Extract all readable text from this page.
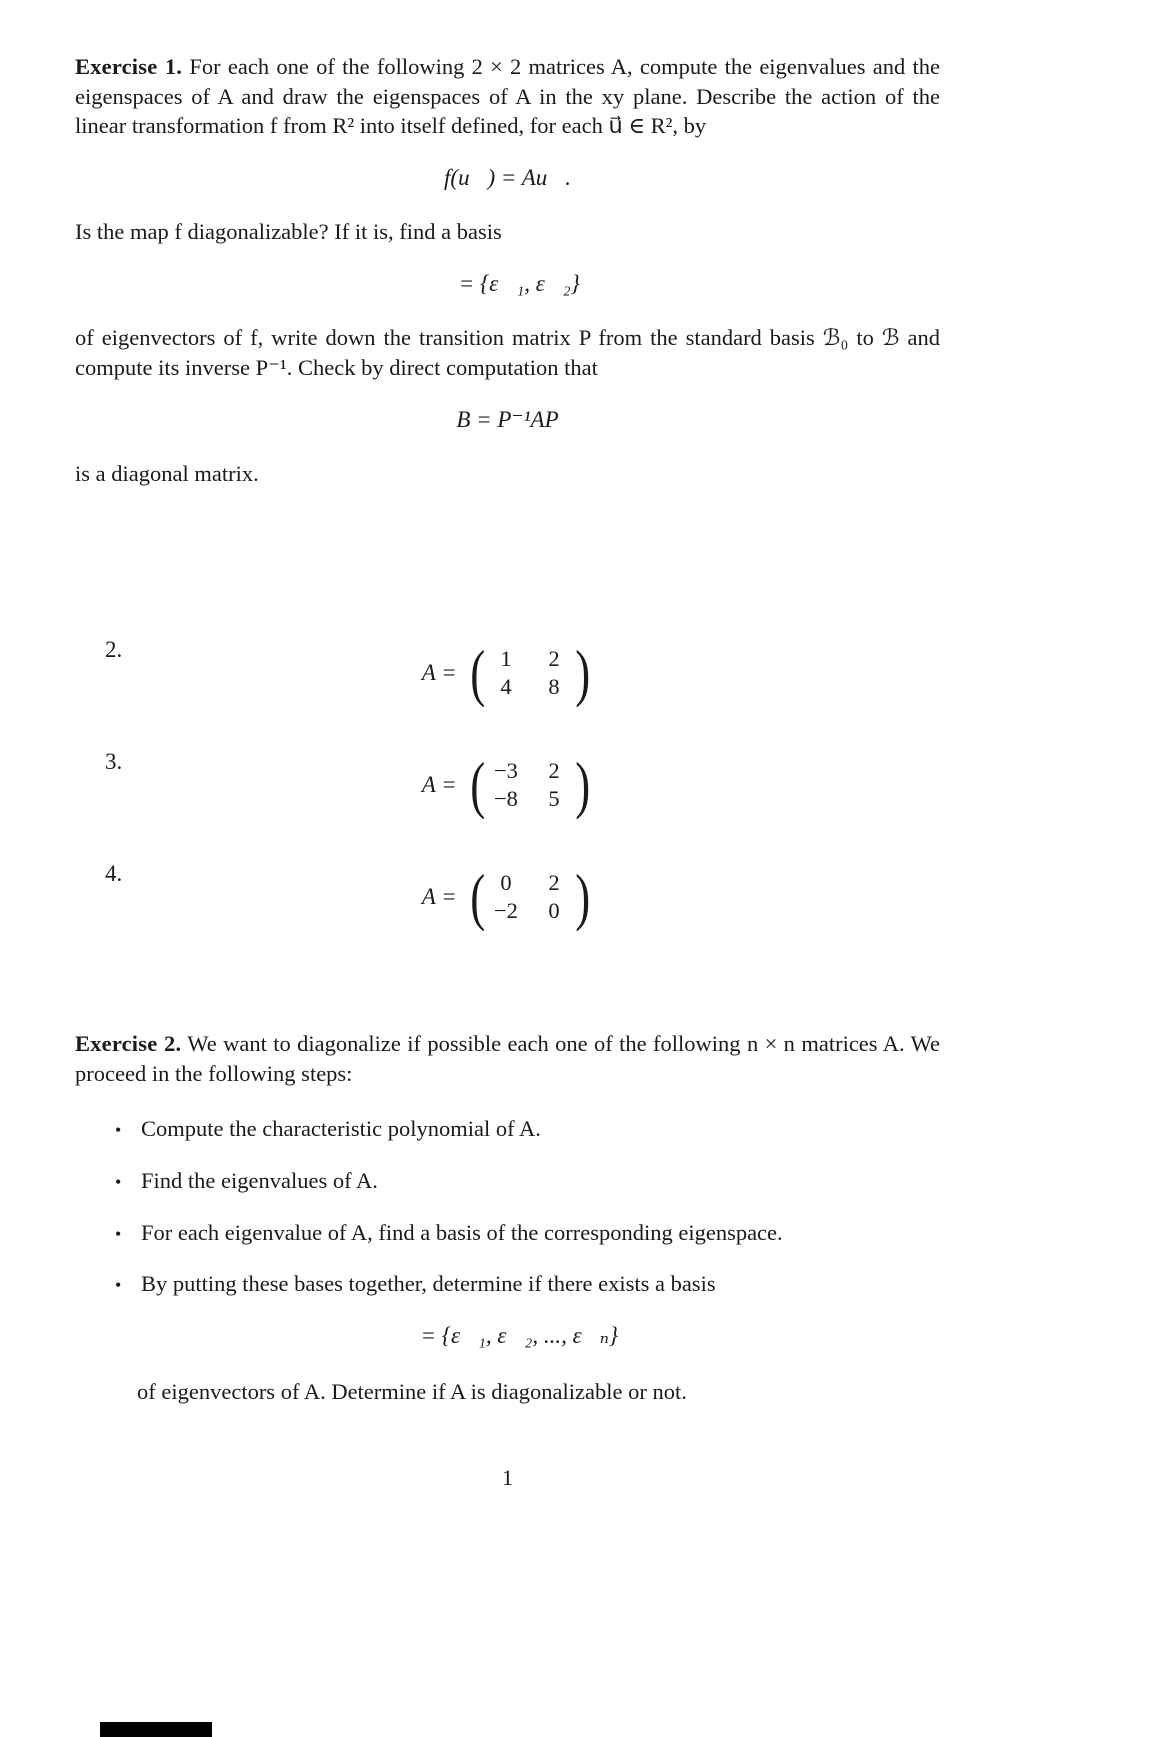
Exercise 1. For each one of the following 2 × 2 matrices A, compute the eigenvalues and the eigenspaces of A and draw the eigenspaces of A in the xy plane. Describe the action of the linear transformation f from R² into itself defined, for each u⃗ ∈ R², by

f(u⃗) = Au⃗.

Is the map f diagonalizable? If it is, find a basis

ℬ = {ε⃗₁, ε⃗₂}

of eigenvectors of f, write down the transition matrix P from the standard basis ℬ₀ to ℬ and compute its inverse P⁻¹. Check by direct computation that

B = P⁻¹AP

is a diagonal matrix.

2.
A = ( 1	2
4	8 )
3.
A = ( −3	2
−8	5 )
4.
A = ( 0	2
−2	0 )

Exercise 2. We want to diagonalize if possible each one of the following n × n matrices A. We proceed in the following steps:

• Compute the characteristic polynomial of A.
• Find the eigenvalues of A.
• For each eigenvalue of A, find a basis of the corresponding eigenspace.
• By putting these bases together, determine if there exists a basis
ℬ = {ε⃗₁, ε⃗₂, ..., ε⃗ₙ}

of eigenvectors of A. Determine if A is diagonalizable or not.

1
